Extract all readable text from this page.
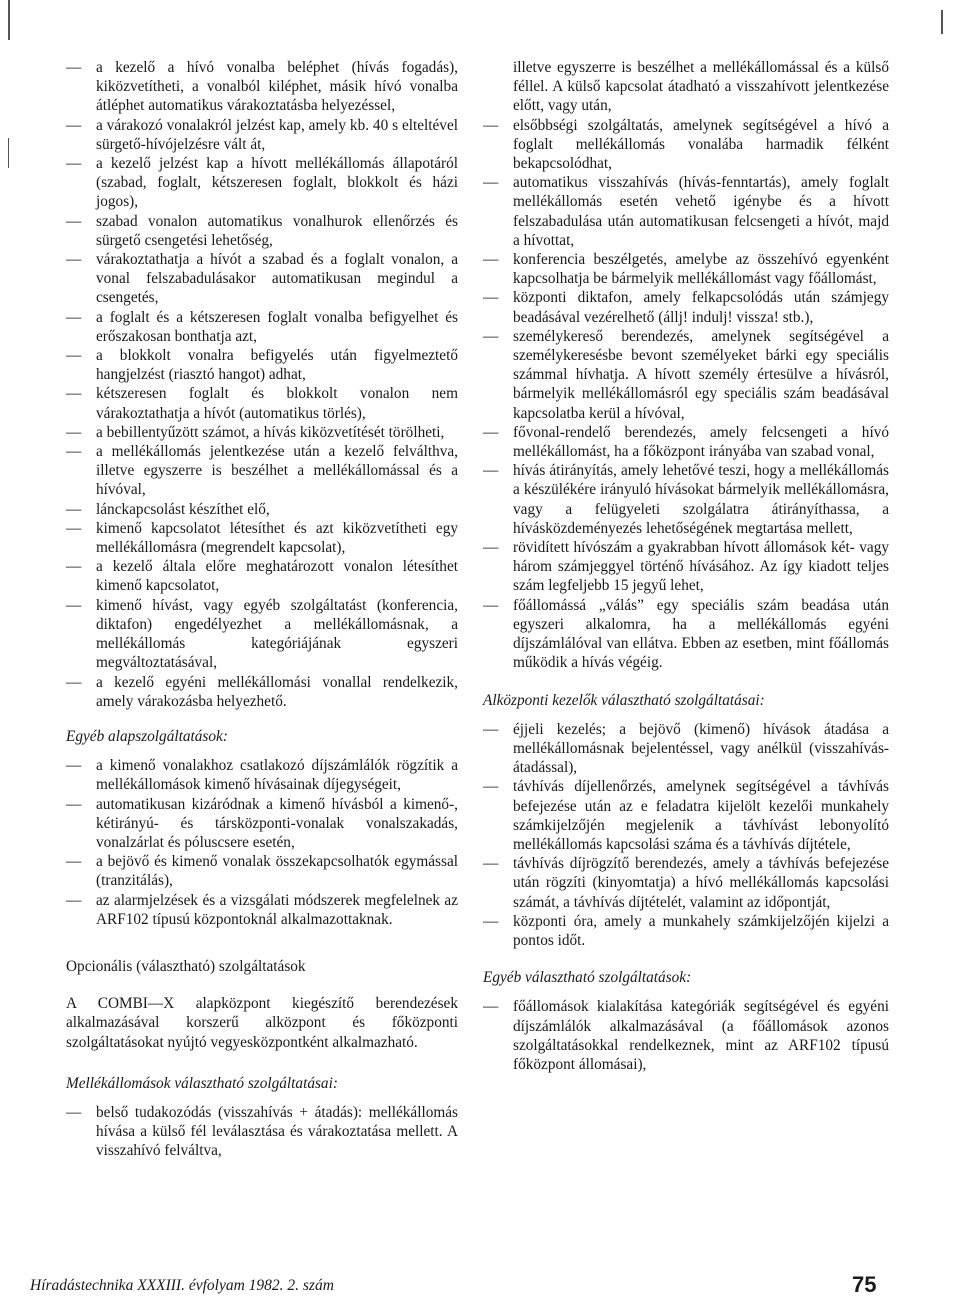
— a kezelő a hívó vonalba beléphet (hívás fogadás), kiközvetítheti, a vonalból kiléphet, másik hívó vonalba átléphet automatikus várakoztatásba helyezéssel,

— a várakozó vonalakról jelzést kap, amely kb. 40 s elteltével sürgető-hívójelzésre vált át,

— a kezelő jelzést kap a hívott mellékállomás állapotáról (szabad, foglalt, kétszeresen foglalt, blokkolt és házi jogos),

— szabad vonalon automatikus vonalhurok ellenőrzés és sürgető csengetési lehetőség,

— várakoztathatja a hívót a szabad és a foglalt vonalon, a vonal felszabadulásakor automatikusan megindul a csengetés,

— a foglalt és a kétszeresen foglalt vonalba befigyelhet és erőszakosan bonthatja azt,

— a blokkolt vonalra befigyelés után figyelmeztető hangjelzést (riasztó hangot) adhat,

— kétszeresen foglalt és blokkolt vonalon nem várakoztathatja a hívót (automatikus törlés),

— a bebillentyűzött számot, a hívás kiközvetítését törölheti,

— a mellékállomás jelentkezése után a kezelő felválthva, illetve egyszerre is beszélhet a mellékállomással és a hívóval,

— lánckapcsolást készíthet elő,

— kimenő kapcsolatot létesíthet és azt kiközvetítheti egy mellékállomásra (megrendelt kapcsolat),

— a kezelő általa előre meghatározott vonalon létesíthet kimenő kapcsolatot,

— kimenő hívást, vagy egyéb szolgáltatást (konferencia, diktafon) engedélyezhet a mellékállomásnak, a mellékállomás kategóriájának egyszeri megváltoztatásával,

— a kezelő egyéni mellékállomási vonallal rendelkezik, amely várakozásba helyezhető.

Egyéb alapszolgáltatások:

— a kimenő vonalakhoz csatlakozó díjszámlálók rögzítik a mellékállomások kimenő hívásainak díjegységeit,

— automatikusan kizáródnak a kimenő hívásból a kimenő-, kétirányú- és társközponti-vonalak vonalszakadás, vonalzárlat és póluscsere esetén,

— a bejövő és kimenő vonalak összekapcsolhatók egymással (tranzitálás),

— az alarmjelzések és a vizsgálati módszerek megfelelnek az ARF102 típusú központoknál alkalmazottaknak.

Opcionális (választható) szolgáltatások

A COMBI—X alapközpont kiegészítő berendezések alkalmazásával korszerű alközpont és főközponti szolgáltatásokat nyújtó vegyesközpontként alkalmazható.

Mellékállomások választható szolgáltatásai:

— belső tudakozódás (visszahívás + átadás): mellékállomás hívása a külső fél leválasztása és várakoztatása mellett. A visszahívó felváltva,

illetve egyszerre is beszélhet a mellékállomással és a külső féllel. A külső kapcsolat átadható a visszahívott jelentkezése előtt, vagy után,

— elsőbbségi szolgáltatás, amelynek segítségével a hívó a foglalt mellékállomás vonalába harmadik félként bekapcsolódhat,

— automatikus visszahívás (hívás-fenntartás), amely foglalt mellékállomás esetén vehető igénybe és a hívott felszabadulása után automatikusan felcsengeti a hívót, majd a hívottat,

— konferencia beszélgetés, amelybe az összehívó egyenként kapcsolhatja be bármelyik mellékállomást vagy főállomást,

— központi diktafon, amely felkapcsolódás után számjegy beadásával vezérelhető (állj! indulj! vissza! stb.),

— személykereső berendezés, amelynek segítségével a személykeresésbe bevont személyeket bárki egy speciális számmal hívhatja. A hívott személy értesülve a hívásról, bármelyik mellékállomásról egy speciális szám beadásával kapcsolatba kerül a hívóval,

— fővonal-rendelő berendezés, amely felcsengeti a hívó mellékállomást, ha a főközpont irányába van szabad vonal,

— hívás átirányítás, amely lehetővé teszi, hogy a mellékállomás a készülékére irányuló hívásokat bármelyik mellékállomásra, vagy a felügyeleti szolgálatra átirányíthassa, a hívásközdeményezés lehetőségének megtartása mellett,

— rövidített hívószám a gyakrabban hívott állomások két- vagy három számjeggyel történő hívásához. Az így kiadott teljes szám legfeljebb 15 jegyű lehet,

— főállomássá „válás” egy speciális szám beadása után egyszeri alkalomra, ha a mellékállomás egyéni díjszámlálóval van ellátva. Ebben az esetben, mint főállomás működik a hívás végéig.

Alközponti kezelők választható szolgáltatásai:

— éjjeli kezelés; a bejövő (kimenő) hívások átadása a mellékállomásnak bejelentéssel, vagy anélkül (visszahívás-átadással),

— távhívás díjellenőrzés, amelynek segítségével a távhívás befejezése után az e feladatra kijelölt kezelői munkahely számkijelzőjén megjelenik a távhívást lebonyolító mellékállomás kapcsolási száma és a távhívás díjtétele,

— távhívás díjrögzítő berendezés, amely a távhívás befejezése után rögzíti (kinyomtatja) a hívó mellékállomás kapcsolási számát, a távhívás díjtételét, valamint az időpontját,

— központi óra, amely a munkahely számkijelzőjén kijelzi a pontos időt.

Egyéb választható szolgáltatások:

— főállomások kialakítása kategóriák segítségével és egyéni díjszámlálók alkalmazásával (a főállomások azonos szolgáltatásokkal rendelkeznek, mint az ARF102 típusú főközpont állomásai),

Híradástechnika XXXIII. évfolyam 1982. 2. szám	75
